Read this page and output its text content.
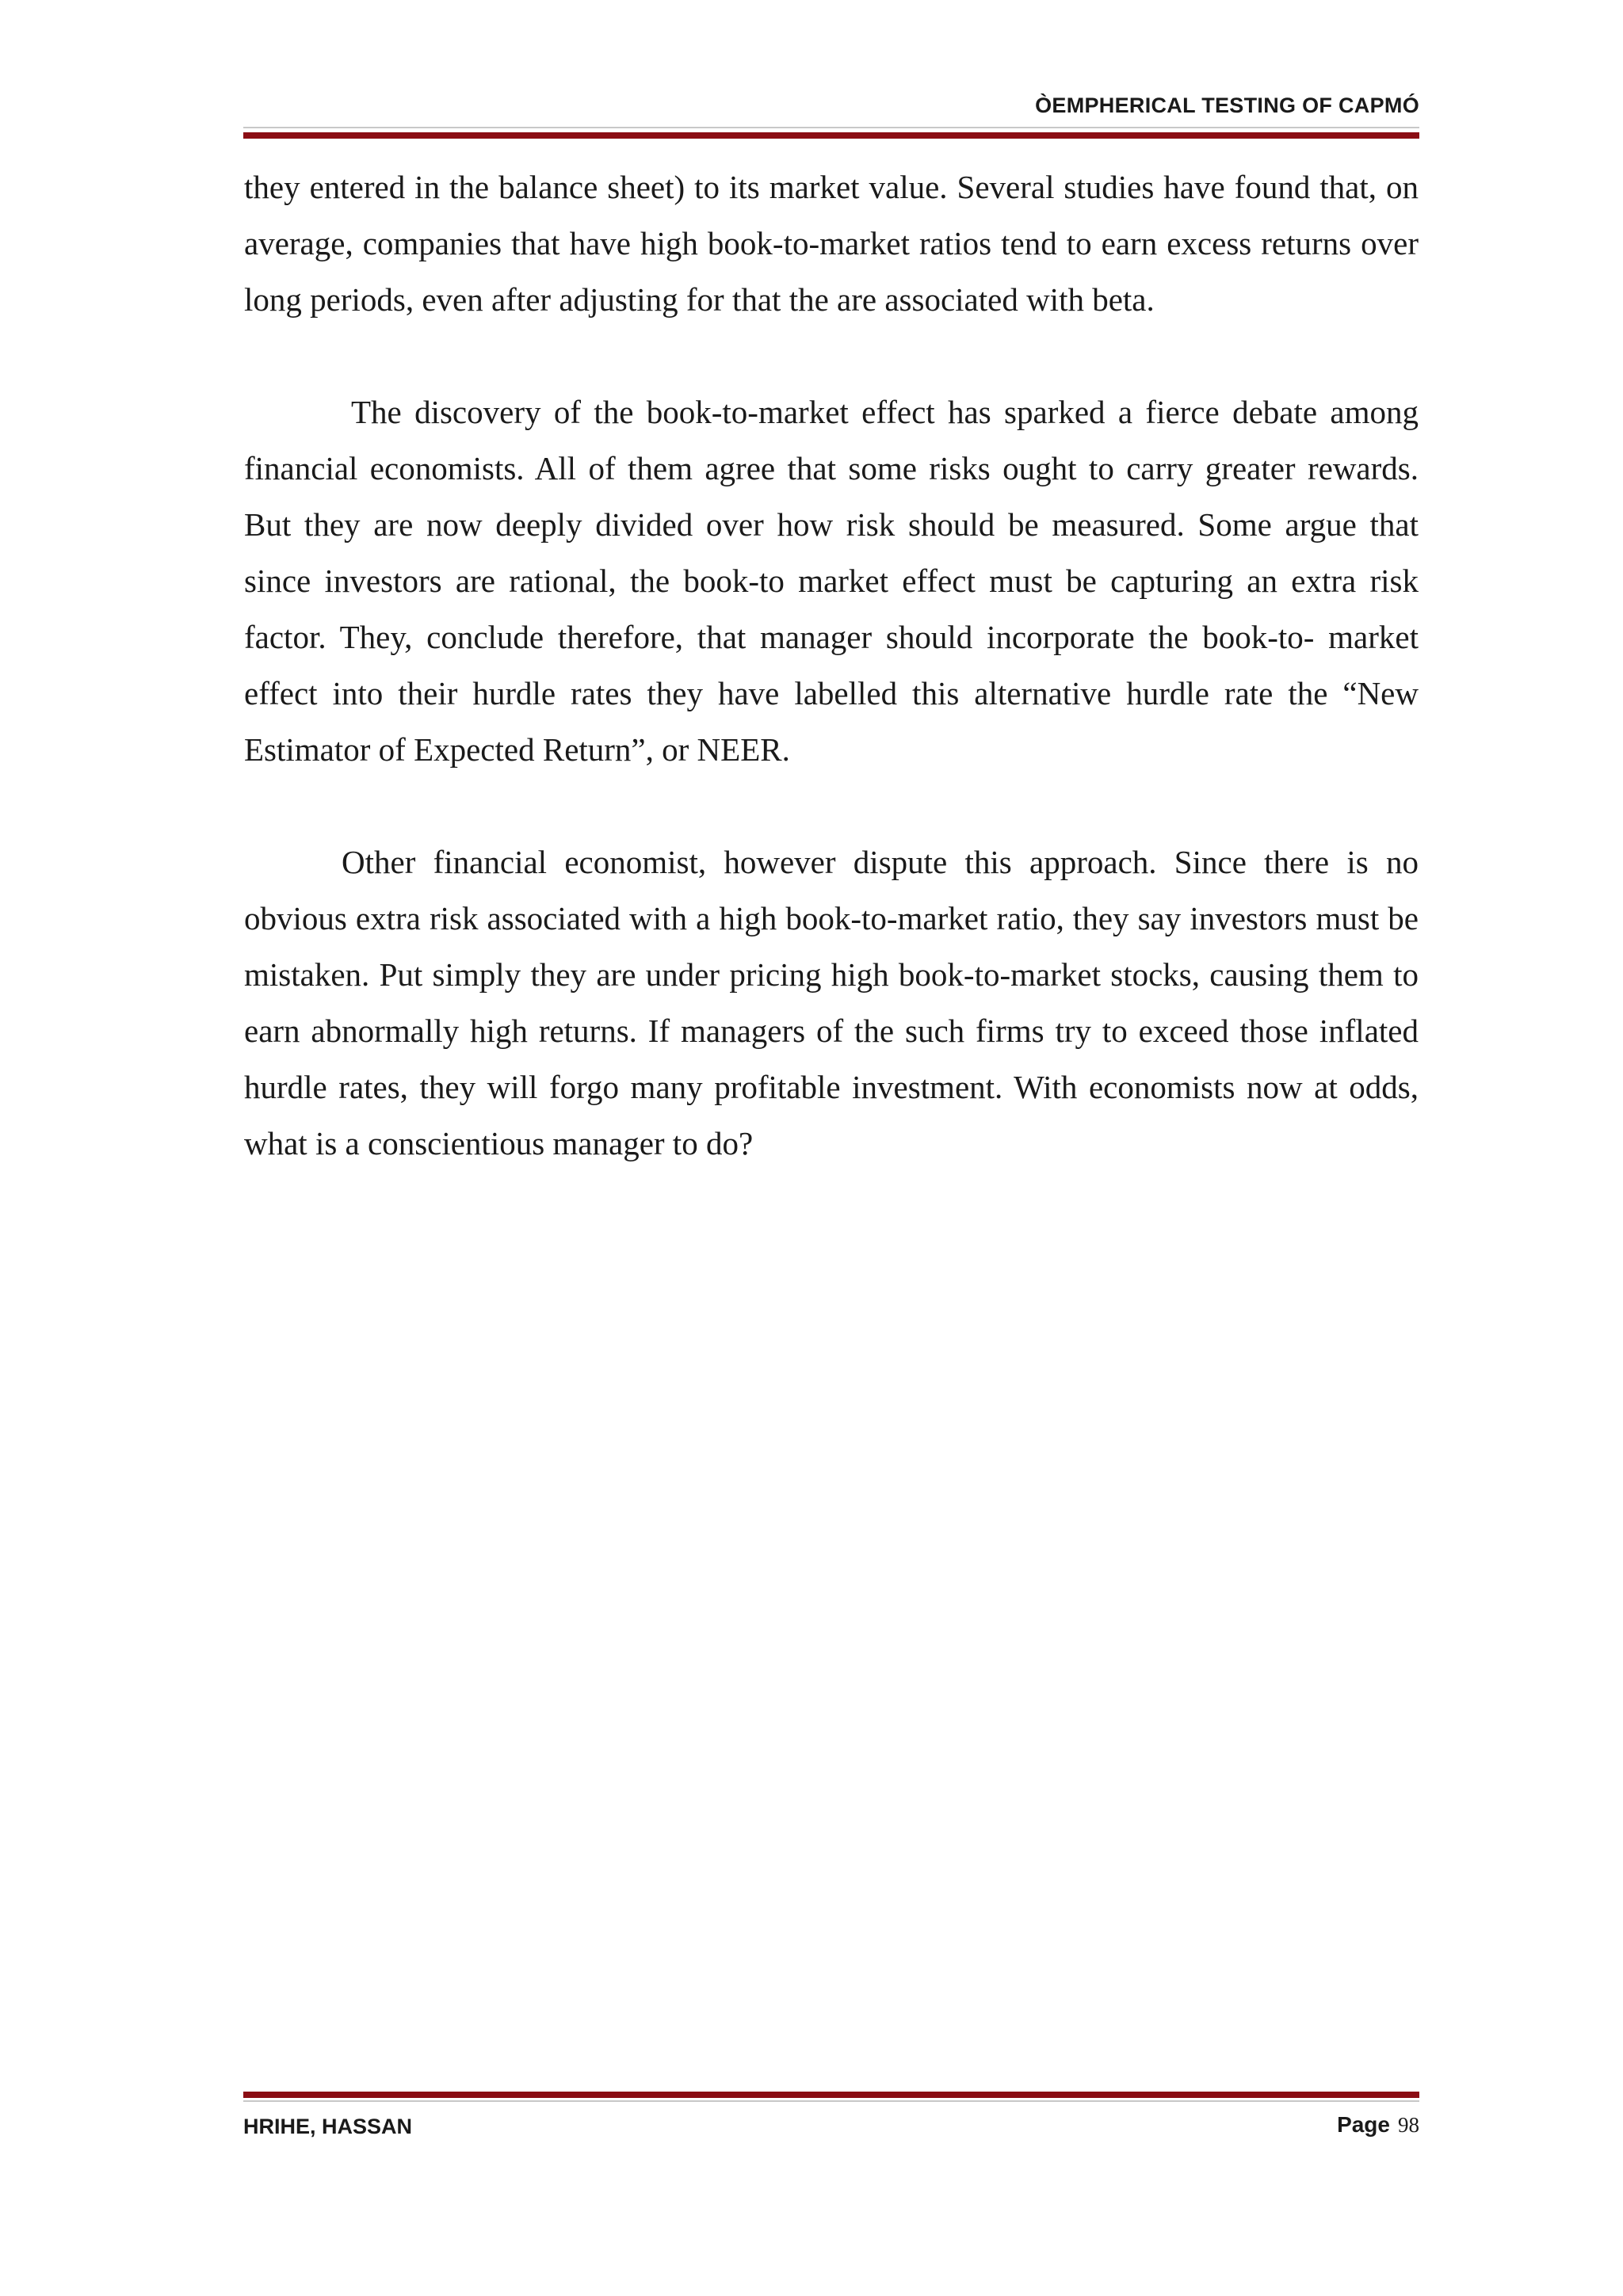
ÒEMPHERICAL TESTING OF CAPMÓ

they entered in the balance sheet) to its market value. Several studies have found that, on average, companies that have high book-to-market ratios tend to earn excess returns over long periods, even after adjusting for that the are associated with beta.

The discovery of the book-to-market effect has sparked a fierce debate among financial economists. All of them agree that some risks ought to carry greater rewards. But they are now deeply divided over how risk should be measured. Some argue that since investors are rational, the book-to market effect must be capturing an extra risk factor. They, conclude therefore, that manager should incorporate the book-to- market effect into their hurdle rates they have labelled this alternative hurdle rate the “New Estimator of Expected Return”, or NEER.

Other financial economist, however dispute this approach. Since there is no obvious extra risk associated with a high book-to-market ratio, they say investors must be mistaken. Put simply they are under pricing high book-to-market stocks, causing them to earn abnormally high returns. If managers of the such firms try to exceed those inflated hurdle rates, they will forgo many profitable investment. With economists now at odds, what is a conscientious manager to do?

HRIHE, HASSAN	Page 98
